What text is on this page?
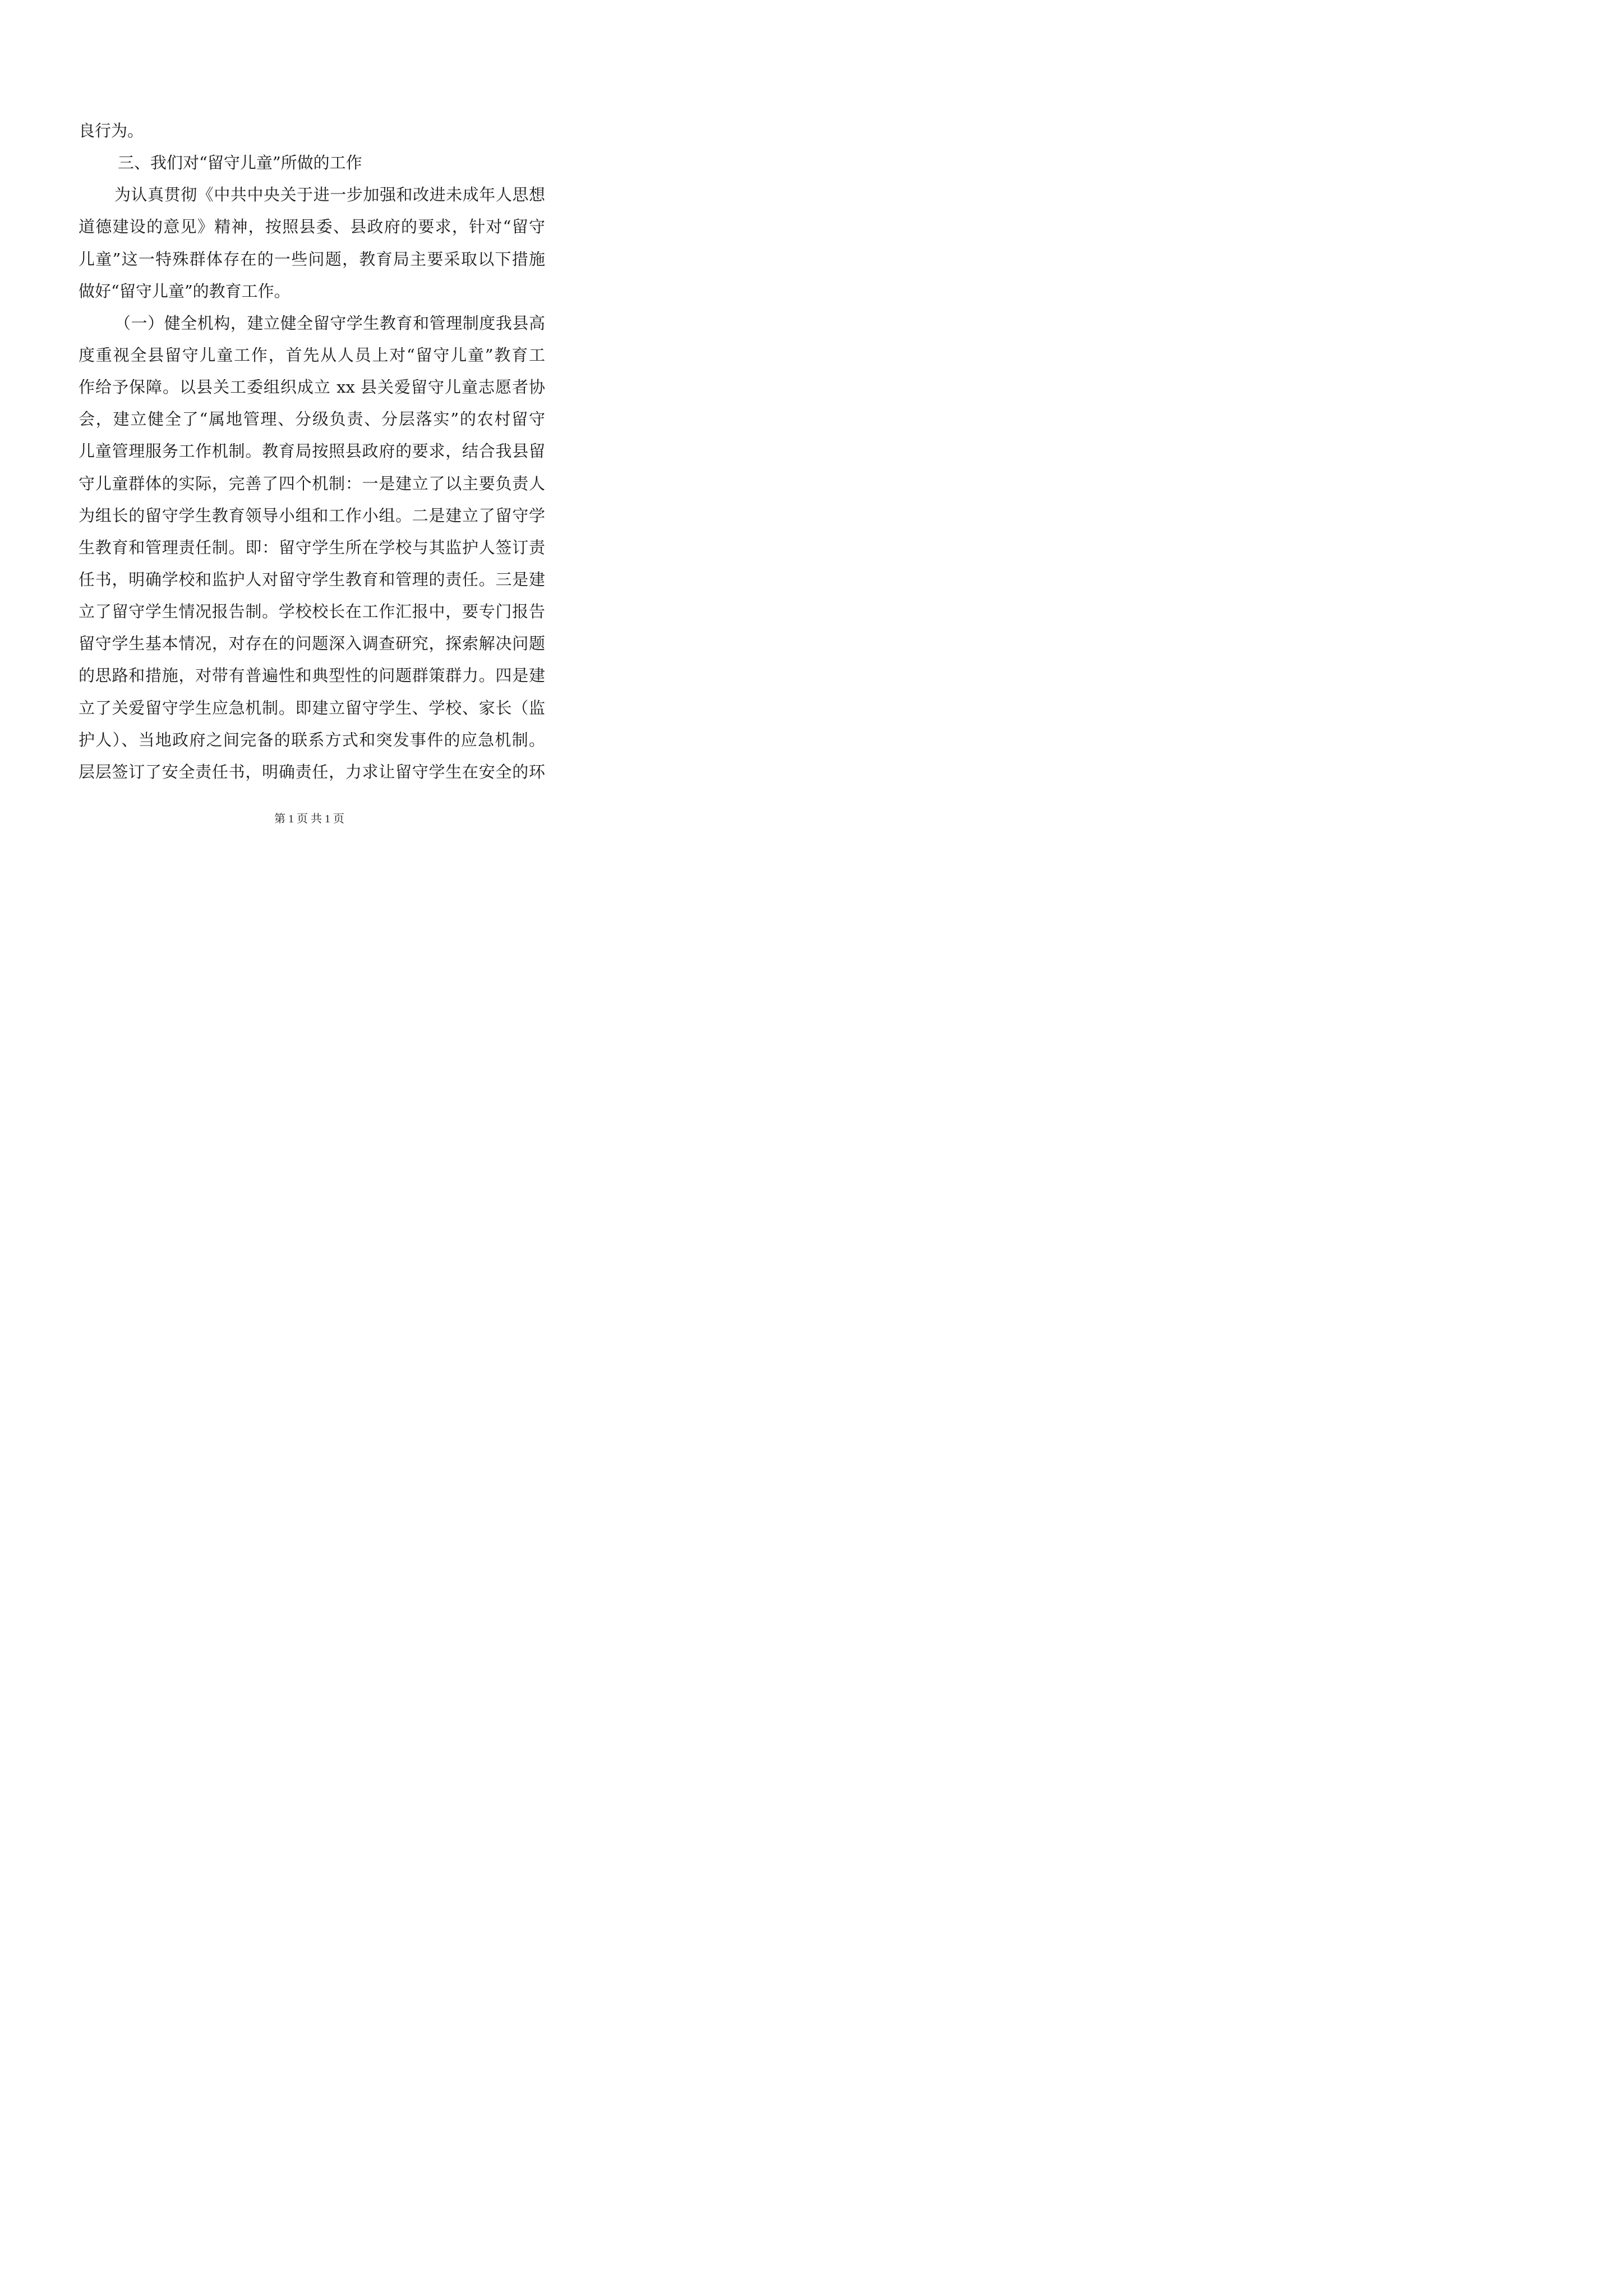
良行为。
三、我们对“留守儿童”所做的工作
为认真贯彻《中共中央关于进一步加强和改进未成年人思想
道德建设的意见》精神，按照县委、县政府的要求，针对“留守
儿童”这一特殊群体存在的一些问题，教育局主要采取以下措施
做好“留守儿童”的教育工作。
（一）健全机构，建立健全留守学生教育和管理制度我县高
度重视全县留守儿童工作，首先从人员上对“留守儿童”教育工
作给予保障。以县关工委组织成立 xx 县关爱留守儿童志愿者协
会，建立健全了“属地管理、分级负责、分层落实”的农村留守
儿童管理服务工作机制。教育局按照县政府的要求，结合我县留
守儿童群体的实际，完善了四个机制：一是建立了以主要负责人
为组长的留守学生教育领导小组和工作小组。二是建立了留守学
生教育和管理责任制。即：留守学生所在学校与其监护人签订责
任书，明确学校和监护人对留守学生教育和管理的责任。三是建
立了留守学生情况报告制。学校校长在工作汇报中，要专门报告
留守学生基本情况，对存在的问题深入调查研究，探索解决问题
的思路和措施，对带有普遍性和典型性的问题群策群力。四是建
立了关爱留守学生应急机制。即建立留守学生、学校、家长（监
护人）、当地政府之间完备的联系方式和突发事件的应急机制。
层层签订了安全责任书，明确责任，力求让留守学生在安全的环
第 1 页 共 1 页
